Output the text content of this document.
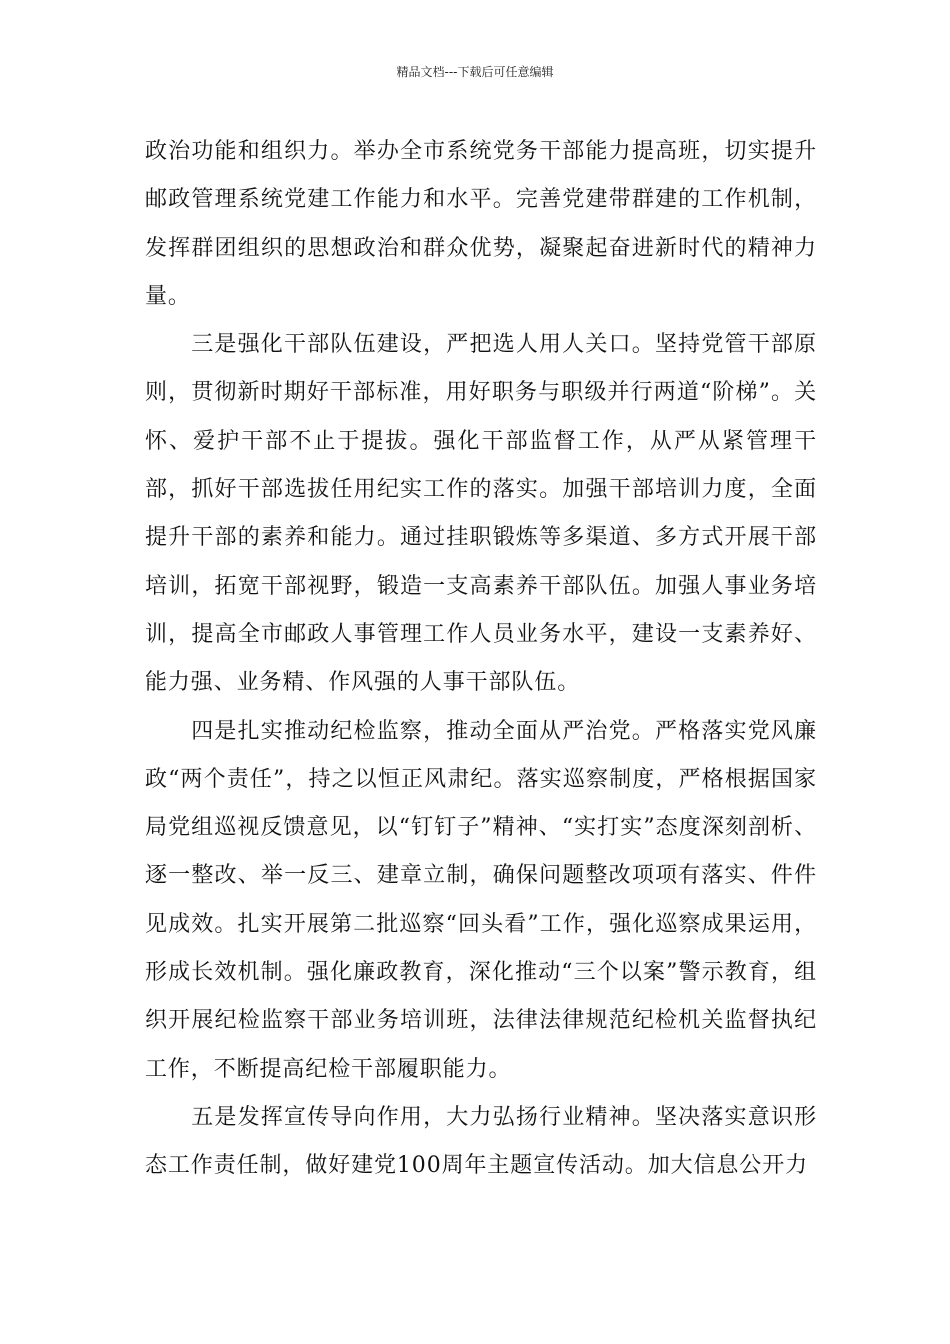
精品文档---下载后可任意编辑

政治功能和组织力。举办全市系统党务干部能力提高班，切实提升邮政管理系统党建工作能力和水平。完善党建带群建的工作机制，发挥群团组织的思想政治和群众优势，凝聚起奋进新时代的精神力量。

三是强化干部队伍建设，严把选人用人关口。坚持党管干部原则，贯彻新时期好干部标准，用好职务与职级并行两道“阶梯”。关怀、爱护干部不止于提拔。强化干部监督工作，从严从紧管理干部，抓好干部选拔任用纪实工作的落实。加强干部培训力度，全面提升干部的素养和能力。通过挂职锻炼等多渠道、多方式开展干部培训，拓宽干部视野，锻造一支高素养干部队伍。加强人事业务培训，提高全市邮政人事管理工作人员业务水平，建设一支素养好、能力强、业务精、作风强的人事干部队伍。

四是扎实推动纪检监察，推动全面从严治党。严格落实党风廉政“两个责任”，持之以恒正风肃纪。落实巡察制度，严格根据国家局党组巡视反馈意见，以“钉钉子”精神、“实打实”态度深刻剖析、逐一整改、举一反三、建章立制，确保问题整改项项有落实、件件见成效。扎实开展第二批巡察“回头看”工作，强化巡察成果运用，形成长效机制。强化廉政教育，深化推动“三个以案”警示教育，组织开展纪检监察干部业务培训班，法律法律规范纪检机关监督执纪工作，不断提高纪检干部履职能力。

五是发挥宣传导向作用，大力弘扬行业精神。坚决落实意识形态工作责任制，做好建党100周年主题宣传活动。加大信息公开力
